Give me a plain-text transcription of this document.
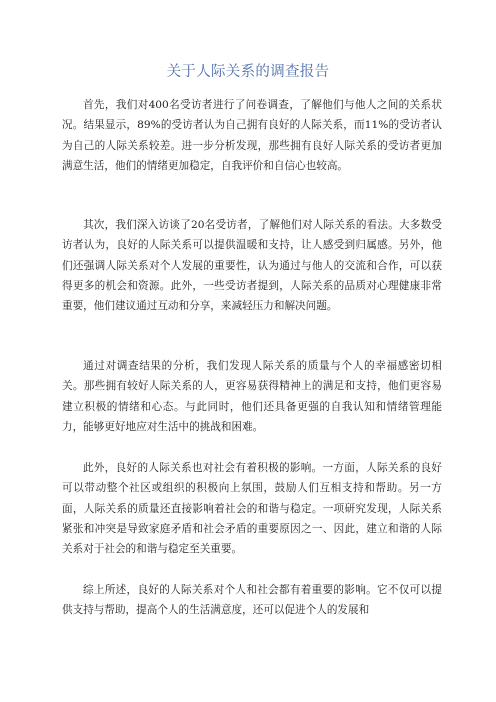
关于人际关系的调查报告

首先，我们对400名受访者进行了问卷调查，了解他们与他人之间的关系状况。结果显示，89%的受访者认为自己拥有良好的人际关系，而11%的受访者认为自己的人际关系较差。进一步分析发现，那些拥有良好人际关系的受访者更加满意生活，他们的情绪更加稳定，自我评价和自信心也较高。

其次，我们深入访谈了20名受访者，了解他们对人际关系的看法。大多数受访者认为，良好的人际关系可以提供温暖和支持，让人感受到归属感。另外，他们还强调人际关系对个人发展的重要性，认为通过与他人的交流和合作，可以获得更多的机会和资源。此外，一些受访者提到，人际关系的品质对心理健康非常重要，他们建议通过互动和分享，来减轻压力和解决问题。

通过对调查结果的分析，我们发现人际关系的质量与个人的幸福感密切相关。那些拥有较好人际关系的人，更容易获得精神上的满足和支持，他们更容易建立积极的情绪和心态。与此同时，他们还具备更强的自我认知和情绪管理能力，能够更好地应对生活中的挑战和困难。

此外，良好的人际关系也对社会有着积极的影响。一方面，人际关系的良好可以带动整个社区或组织的积极向上氛围，鼓励人们互相支持和帮助。另一方面，人际关系的质量还直接影响着社会的和谐与稳定。一项研究发现，人际关系紧张和冲突是导致家庭矛盾和社会矛盾的重要原因之一、因此，建立和谐的人际关系对于社会的和谐与稳定至关重要。

综上所述，良好的人际关系对个人和社会都有着重要的影响。它不仅可以提供支持与帮助，提高个人的生活满意度，还可以促进个人的发展和
